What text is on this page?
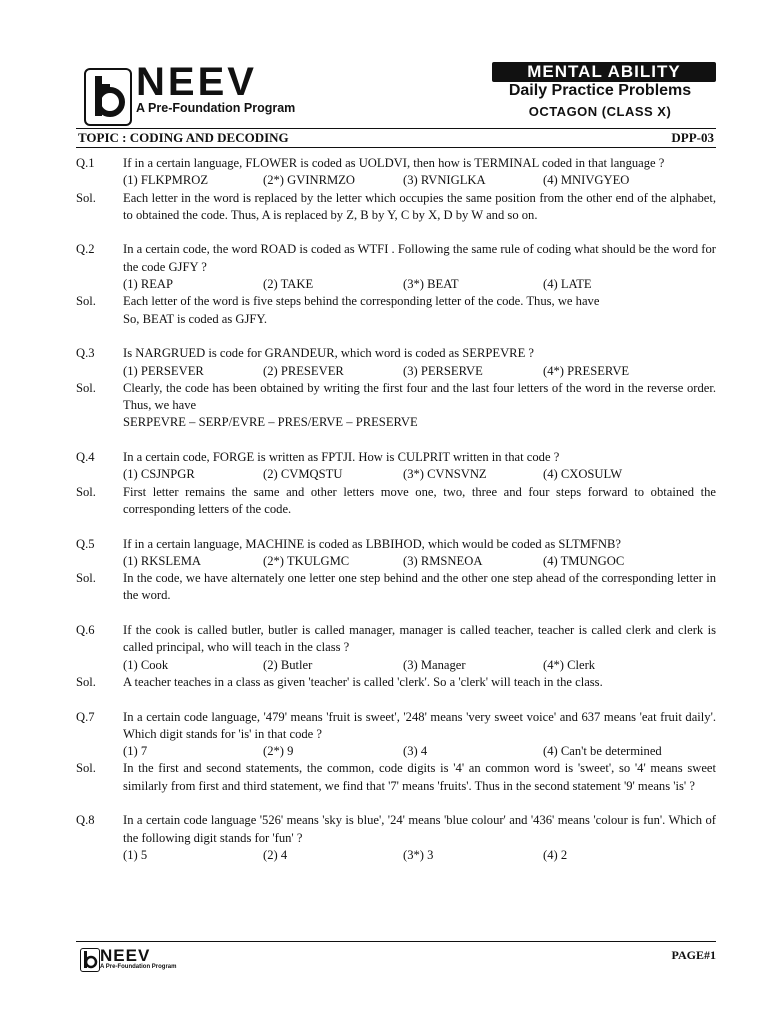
NEEV
A Pre-Foundation Program
MENTAL ABILITY
Daily Practice Problems
OCTAGON (CLASS X)
TOPIC : CODING AND DECODING	DPP-03
Q.1	If in a certain language, FLOWER is coded as UOLDVI, then how is TERMINAL coded in that language ?
(1) FLKPMROZ	(2*) GVINRMZO	(3) RVNIGLKA	(4) MNIVGYEO
Sol.	Each letter in the word is replaced by the letter which occupies the same position from the other end of the alphabet, to obtained the code. Thus, A is replaced by Z, B by Y, C by X, D by W and so on.
Q.2	In a certain code, the word ROAD is coded as WTFI . Following the same rule of coding what should be the word for the code GJFY ?
(1) REAP	(2) TAKE	(3*) BEAT	(4) LATE
Sol.	Each letter of the word is five steps behind the corresponding letter of the code. Thus, we have
So, BEAT is coded as GJFY.
Q.3	Is NARGRUED is code for GRANDEUR, which word is coded as SERPEVRE ?
(1) PERSEVER	(2) PRESEVER	(3) PERSERVE	(4*) PRESERVE
Sol.	Clearly, the code has been obtained by writing the first four and the last four letters of the word in the reverse order. Thus, we have
SERPEVRE – SERP/EVRE – PRES/ERVE – PRESERVE
Q.4	In a certain code, FORGE is written as FPTJI. How is CULPRIT written in that code ?
(1) CSJNPGR	(2) CVMQSTU	(3*) CVNSVNZ	(4) CXOSULW
Sol.	First letter remains the same and other letters move one, two, three and four steps forward to obtained the corresponding letters of the code.
Q.5	If in a certain language, MACHINE is coded as LBBIHOD, which would be coded as SLTMFNB?
(1) RKSLEMA	(2*) TKULGMC	(3) RMSNEOA	(4) TMUNGOC
Sol.	In the code, we have alternately one letter one step behind and the other one step ahead of the corresponding letter in the word.
Q.6	If the cook is called butler, butler is called manager, manager is called teacher, teacher is called clerk and clerk is called principal, who will teach in the class ?
(1) Cook	(2) Butler	(3) Manager	(4*) Clerk
Sol.	A teacher teaches in a class as given 'teacher' is called 'clerk'. So a 'clerk' will teach in the class.
Q.7	In a certain code language, '479' means 'fruit is sweet', '248' means 'very sweet voice' and 637 means 'eat fruit daily'. Which digit stands for 'is' in that code ?
(1) 7	(2*) 9	(3) 4	(4) Can't be determined
Sol.	In the first and second statements, the common, code digits is '4' an common word is 'sweet', so '4' means sweet similarly from first and third statement, we find that '7' means 'fruits'. Thus in the second statement '9' means 'is' ?
Q.8	In a certain code language '526' means 'sky is blue', '24' means 'blue colour' and '436' means 'colour is fun'. Which of the following digit stands for 'fun' ?
(1) 5	(2) 4	(3*) 3	(4) 2
NEEV
A Pre-Foundation Program
PAGE#1
